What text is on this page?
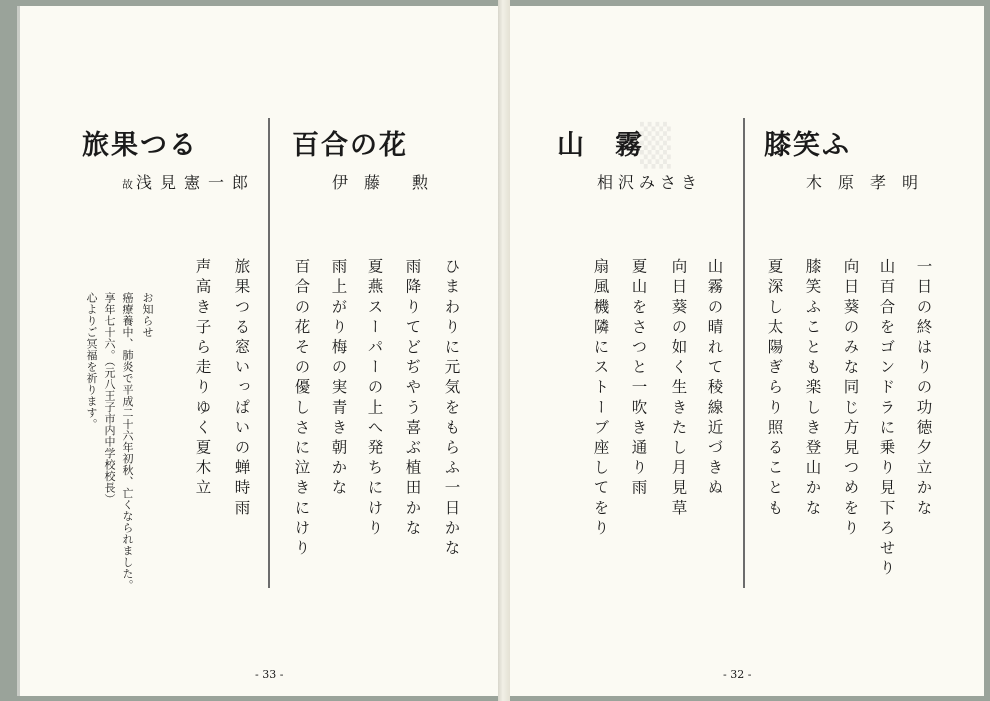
旅果つる
故 浅見憲一郎
旅果つる窓いっぱいの蝉時雨
声高き子ら走りゆく夏木立
お知らせ
癌療養中、肺炎で平成二十六年初秋、亡くなられました。
享年七十六。（元八王子市内中学校校長）
心よりご冥福を祈ります。
百合の花
伊　藤　　勲
ひまわりに元気をもらふ一日かな
雨降りてどぢやう喜ぶ植田かな
夏燕スーパーの上へ発ちにけり
雨上がり梅の実青き朝かな
百合の花その優しさに泣きにけり
- 33 -
▒
山　霧
相沢みさき
山霧の晴れて稜線近づきぬ
向日葵の如く生きたし月見草
夏山をさつと一吹き通り雨
扇風機隣にストーブ座してをり
膝笑ふ
木　原　孝　明
一日の終はりの功徳夕立かな
山百合をゴンドラに乗り見下ろせり
向日葵のみな同じ方見つめをり
膝笑ふことも楽しき登山かな
夏深し太陽ぎらり照ることも
- 32 -
